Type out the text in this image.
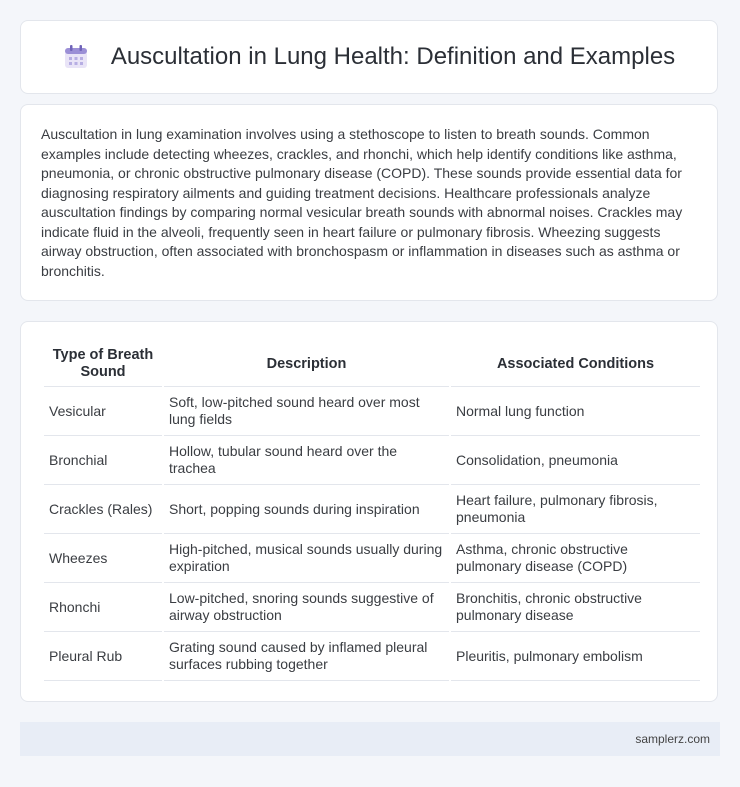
Auscultation in Lung Health: Definition and Examples

Auscultation in lung examination involves using a stethoscope to listen to breath sounds. Common examples include detecting wheezes, crackles, and rhonchi, which help identify conditions like asthma, pneumonia, or chronic obstructive pulmonary disease (COPD). These sounds provide essential data for diagnosing respiratory ailments and guiding treatment decisions. Healthcare professionals analyze auscultation findings by comparing normal vesicular breath sounds with abnormal noises. Crackles may indicate fluid in the alveoli, frequently seen in heart failure or pulmonary fibrosis. Wheezing suggests airway obstruction, often associated with bronchospasm or inflammation in diseases such as asthma or bronchitis.

Type of Breath Sound	Description	Associated Conditions
Vesicular	Soft, low-pitched sound heard over most lung fields	Normal lung function
Bronchial	Hollow, tubular sound heard over the trachea	Consolidation, pneumonia
Crackles (Rales)	Short, popping sounds during inspiration	Heart failure, pulmonary fibrosis, pneumonia
Wheezes	High-pitched, musical sounds usually during expiration	Asthma, chronic obstructive pulmonary disease (COPD)
Rhonchi	Low-pitched, snoring sounds suggestive of airway obstruction	Bronchitis, chronic obstructive pulmonary disease
Pleural Rub	Grating sound caused by inflamed pleural surfaces rubbing together	Pleuritis, pulmonary embolism
samplerz.com
